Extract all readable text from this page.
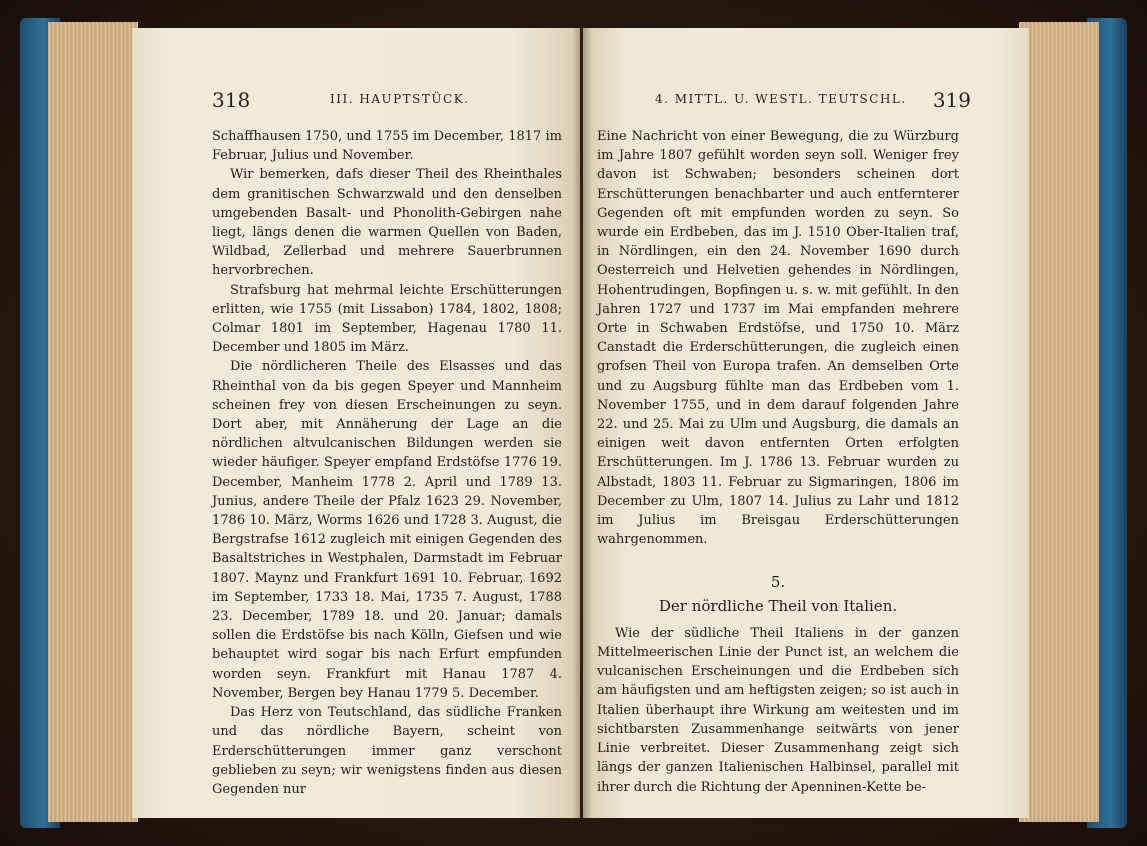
318	III. HAUPTSTÜCK.

Schaffhausen 1750, und 1755 im December, 1817 im Februar, Julius und November.

Wir bemerken, dafs dieser Theil des Rheinthales dem granitischen Schwarzwald und den denselben umgebenden Basalt- und Phonolith-Gebirgen nahe liegt, längs denen die warmen Quellen von Baden, Wildbad, Zellerbad und mehrere Sauerbrunnen hervorbrechen.

Strafsburg hat mehrmal leichte Erschütterungen erlitten, wie 1755 (mit Lissabon) 1784, 1802, 1808; Colmar 1801 im September, Hagenau 1780 11. December und 1805 im März.

Die nördlicheren Theile des Elsasses und das Rheinthal von da bis gegen Speyer und Mannheim scheinen frey von diesen Erscheinungen zu seyn. Dort aber, mit Annäherung der Lage an die nördlichen altvulcanischen Bildungen werden sie wieder häufiger. Speyer empfand Erdstöfse 1776 19. December, Manheim 1778 2. April und 1789 13. Junius, andere Theile der Pfalz 1623 29. November, 1786 10. März, Worms 1626 und 1728 3. August, die Bergstrafse 1612 zugleich mit einigen Gegenden des Basaltstriches in Westphalen, Darmstadt im Februar 1807. Maynz und Frankfurt 1691 10. Februar, 1692 im September, 1733 18. Mai, 1735 7. August, 1788 23. December, 1789 18. und 20. Januar; damals sollen die Erdstöfse bis nach Kölln, Giefsen und wie behauptet wird sogar bis nach Erfurt empfunden worden seyn. Frankfurt mit Hanau 1787 4. November, Bergen bey Hanau 1779 5. December.

Das Herz von Teutschland, das südliche Franken und das nördliche Bayern, scheint von Erderschütterungen immer ganz verschont geblieben zu seyn; wir wenigstens finden aus diesen Gegenden nur

4. MITTL. U. WESTL. TEUTSCHL. 319

Eine Nachricht von einer Bewegung, die zu Würzburg im Jahre 1807 gefühlt worden seyn soll. Weniger frey davon ist Schwaben; besonders scheinen dort Erschütterungen benachbarter und auch entfernterer Gegenden oft mit empfunden worden zu seyn. So wurde ein Erdbeben, das im J. 1510 Ober-Italien traf, in Nördlingen, ein den 24. November 1690 durch Oesterreich und Helvetien gehendes in Nördlingen, Hohentrudingen, Bopfingen u. s. w. mit gefühlt. In den Jahren 1727 und 1737 im Mai empfanden mehrere Orte in Schwaben Erdstöfse, und 1750 10. März Canstadt die Erderschütterungen, die zugleich einen grofsen Theil von Europa trafen. An demselben Orte und zu Augsburg fühlte man das Erdbeben vom 1. November 1755, und in dem darauf folgenden Jahre 22. und 25. Mai zu Ulm und Augsburg, die damals an einigen weit davon entfernten Orten erfolgten Erschütterungen. Im J. 1786 13. Februar wurden zu Albstadt, 1803 11. Februar zu Sigmaringen, 1806 im December zu Ulm, 1807 14. Julius zu Lahr und 1812 im Julius im Breisgau Erderschütterungen wahrgenommen.

5.
Der nördliche Theil von Italien.

Wie der südliche Theil Italiens in der ganzen Mittelmeerischen Linie der Punct ist, an welchem die vulcanischen Erscheinungen und die Erdbeben sich am häufigsten und am heftigsten zeigen; so ist auch in Italien überhaupt ihre Wirkung am weitesten und im sichtbarsten Zusammenhange seitwärts von jener Linie verbreitet. Dieser Zusammenhang zeigt sich längs der ganzen Italienischen Halbinsel, parallel mit ihrer durch die Richtung der Apenninen-Kette be-
